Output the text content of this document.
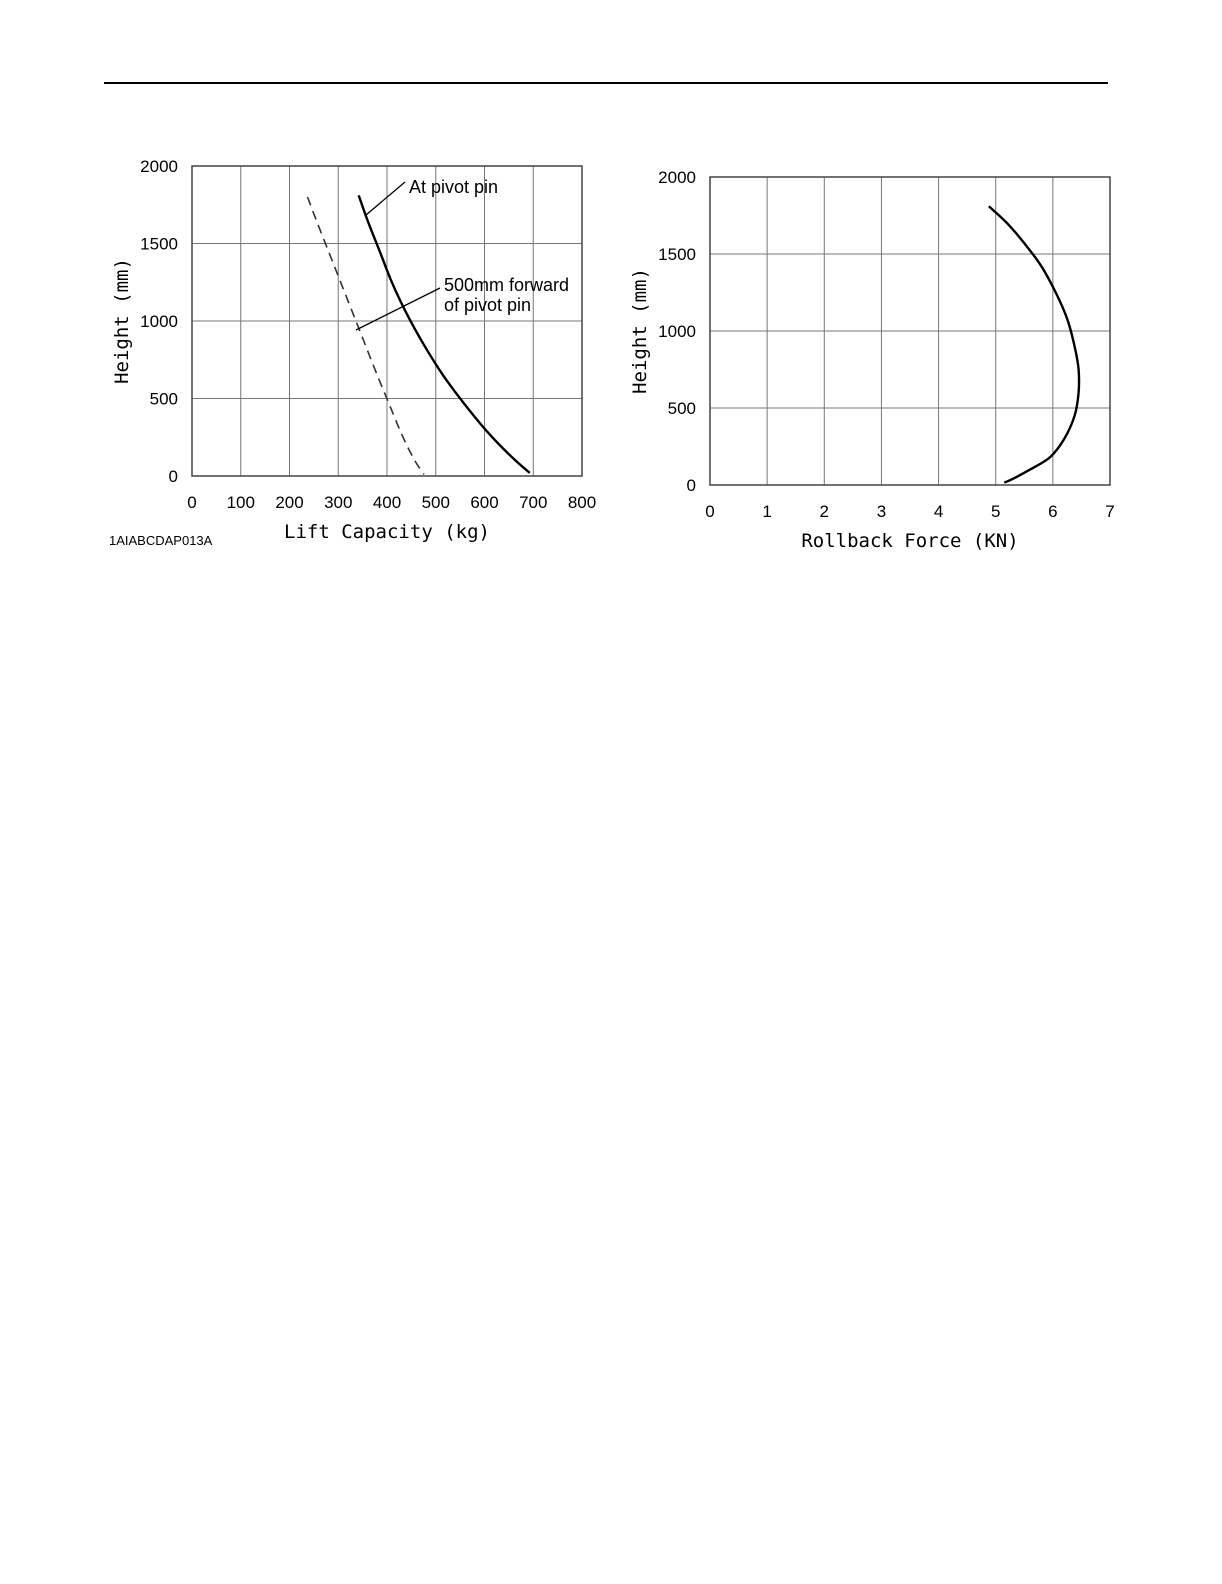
0 100 200 300 400 500 600 700 800
0
500
1000
1500
2000
Lift Capacity (kg)
Height (mm)
At pivot pin
500mm forward
of pivot pin
0	1	2	3	4	5	6	7
0
500
1000
1500
2000
Rollback Force (KN)
Height (mm)
1AIABCDAP013A
